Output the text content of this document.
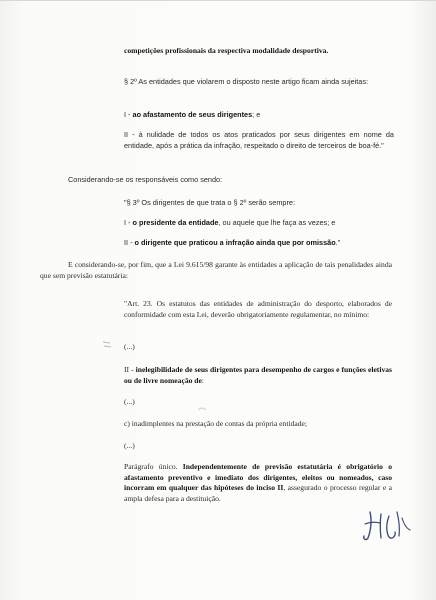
competições profissionais da respectiva modalidade desportiva.
§ 2º As entidades que violarem o disposto neste artigo ficam ainda sujeitas:
I - ao afastamento de seus dirigentes; e
II - à nulidade de todos os atos praticados por seus dirigentes em nome da entidade, após a prática da infração, respeitado o direito de terceiros de boa-fé."
Considerando-se os responsáveis como sendo:
"§ 3º Os dirigentes de que trata o § 2º serão sempre:
I - o presidente da entidade, ou aquele que lhe faça as vezes; e
II - o dirigente que praticou a infração ainda que por omissão."
E considerando-se, por fim, que a Lei 9.615/98 garante às entidades a aplicação de tais penalidades ainda que sem previsão estatutária:
"Art. 23. Os estatutos das entidades de administração do desporto, elaborados de conformidade com esta Lei, deverão obrigatoriamente regulamentar, no mínimo:
(...)
II - inelegibilidade de seus dirigentes para desempenho de cargos e funções eletivas ou de livre nomeação de:
(...)
c) inadimplentes na prestação de contas da própria entidade;
(...)
Parágrafo único. Independentemente de previsão estatutária é obrigatório o afastamento preventivo e imediato dos dirigentes, eleitos ou nomeados, caso incorram em qualquer das hipóteses do inciso II, assegurado o processo regular e a ampla defesa para a destituição.
